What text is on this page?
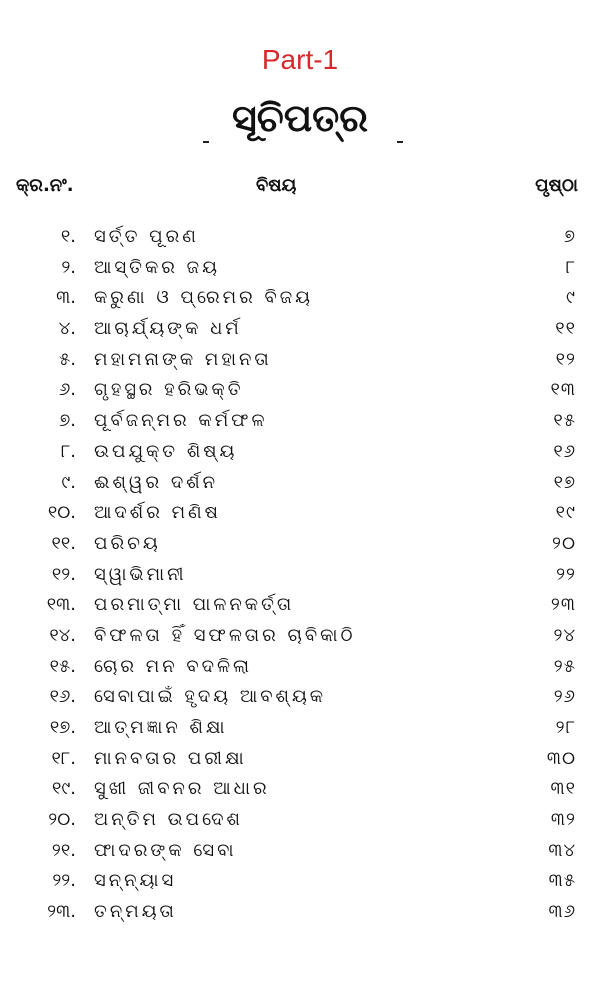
Part-1
ସୂଚିପତ୍ର
କ୍ର.ନଂ.	ବିଷୟ	ପୃଷ୍ଠା
୧. ସର୍ତ୍ତ ପୂରଣ	୭
୨. ଆସ୍ତିକର ଜୟ	୮
୩. କରୁଣା ଓ ପ୍ରେମର ବିଜୟ	୯
୪. ଆଚାର୍ଯ୍ୟଙ୍କ ଧର୍ମ	୧୧
୫. ମହାମନାଙ୍କ ମହାନତା	୧୨
୬. ଗୃହସ୍ଥର ହରିଭକ୍ତି	୧୩
୭. ପୂର୍ବଜନ୍ମର କର୍ମଫଳ	୧୫
୮. ଉପଯୁକ୍ତ ଶିଷ୍ୟ	୧୬
୯. ଈଶ୍ୱର ଦର୍ଶନ	୧୭
୧୦. ଆଦର୍ଶର ମଣିଷ	୧୯
୧୧. ପରିଚୟ	୨୦
୧୨. ସ୍ୱାଭିମାନୀ	୨୨
୧୩. ପରମାତ୍ମା ପାଳନକର୍ତ୍ତା	୨୩
୧୪. ବିଫଳତା ହିଁ ସଫଳତାର ଚାବିକାଠି	୨୪
୧୫. ଚୋର ମନ ବଦଳିଲା	୨୫
୧୬. ସେବାପାଇଁ ହୃଦୟ ଆବଶ୍ୟକ	୨୬
୧୭. ଆତ୍ମଜ୍ଞାନ ଶିକ୍ଷା	୨୮
୧୮. ମାନବତାର ପରୀକ୍ଷା	୩୦
୧୯. ସୁଖୀ ଜୀବନର ଆଧାର	୩୧
୨୦. ଅନ୍ତିମ ଉପଦେଶ	୩୨
୨୧. ଫାଦରଙ୍କ ସେବା	୩୪
୨୨. ସନ୍ନ୍ୟାସ	୩୫
୨୩. ତନ୍ମୟତା	୩୬
